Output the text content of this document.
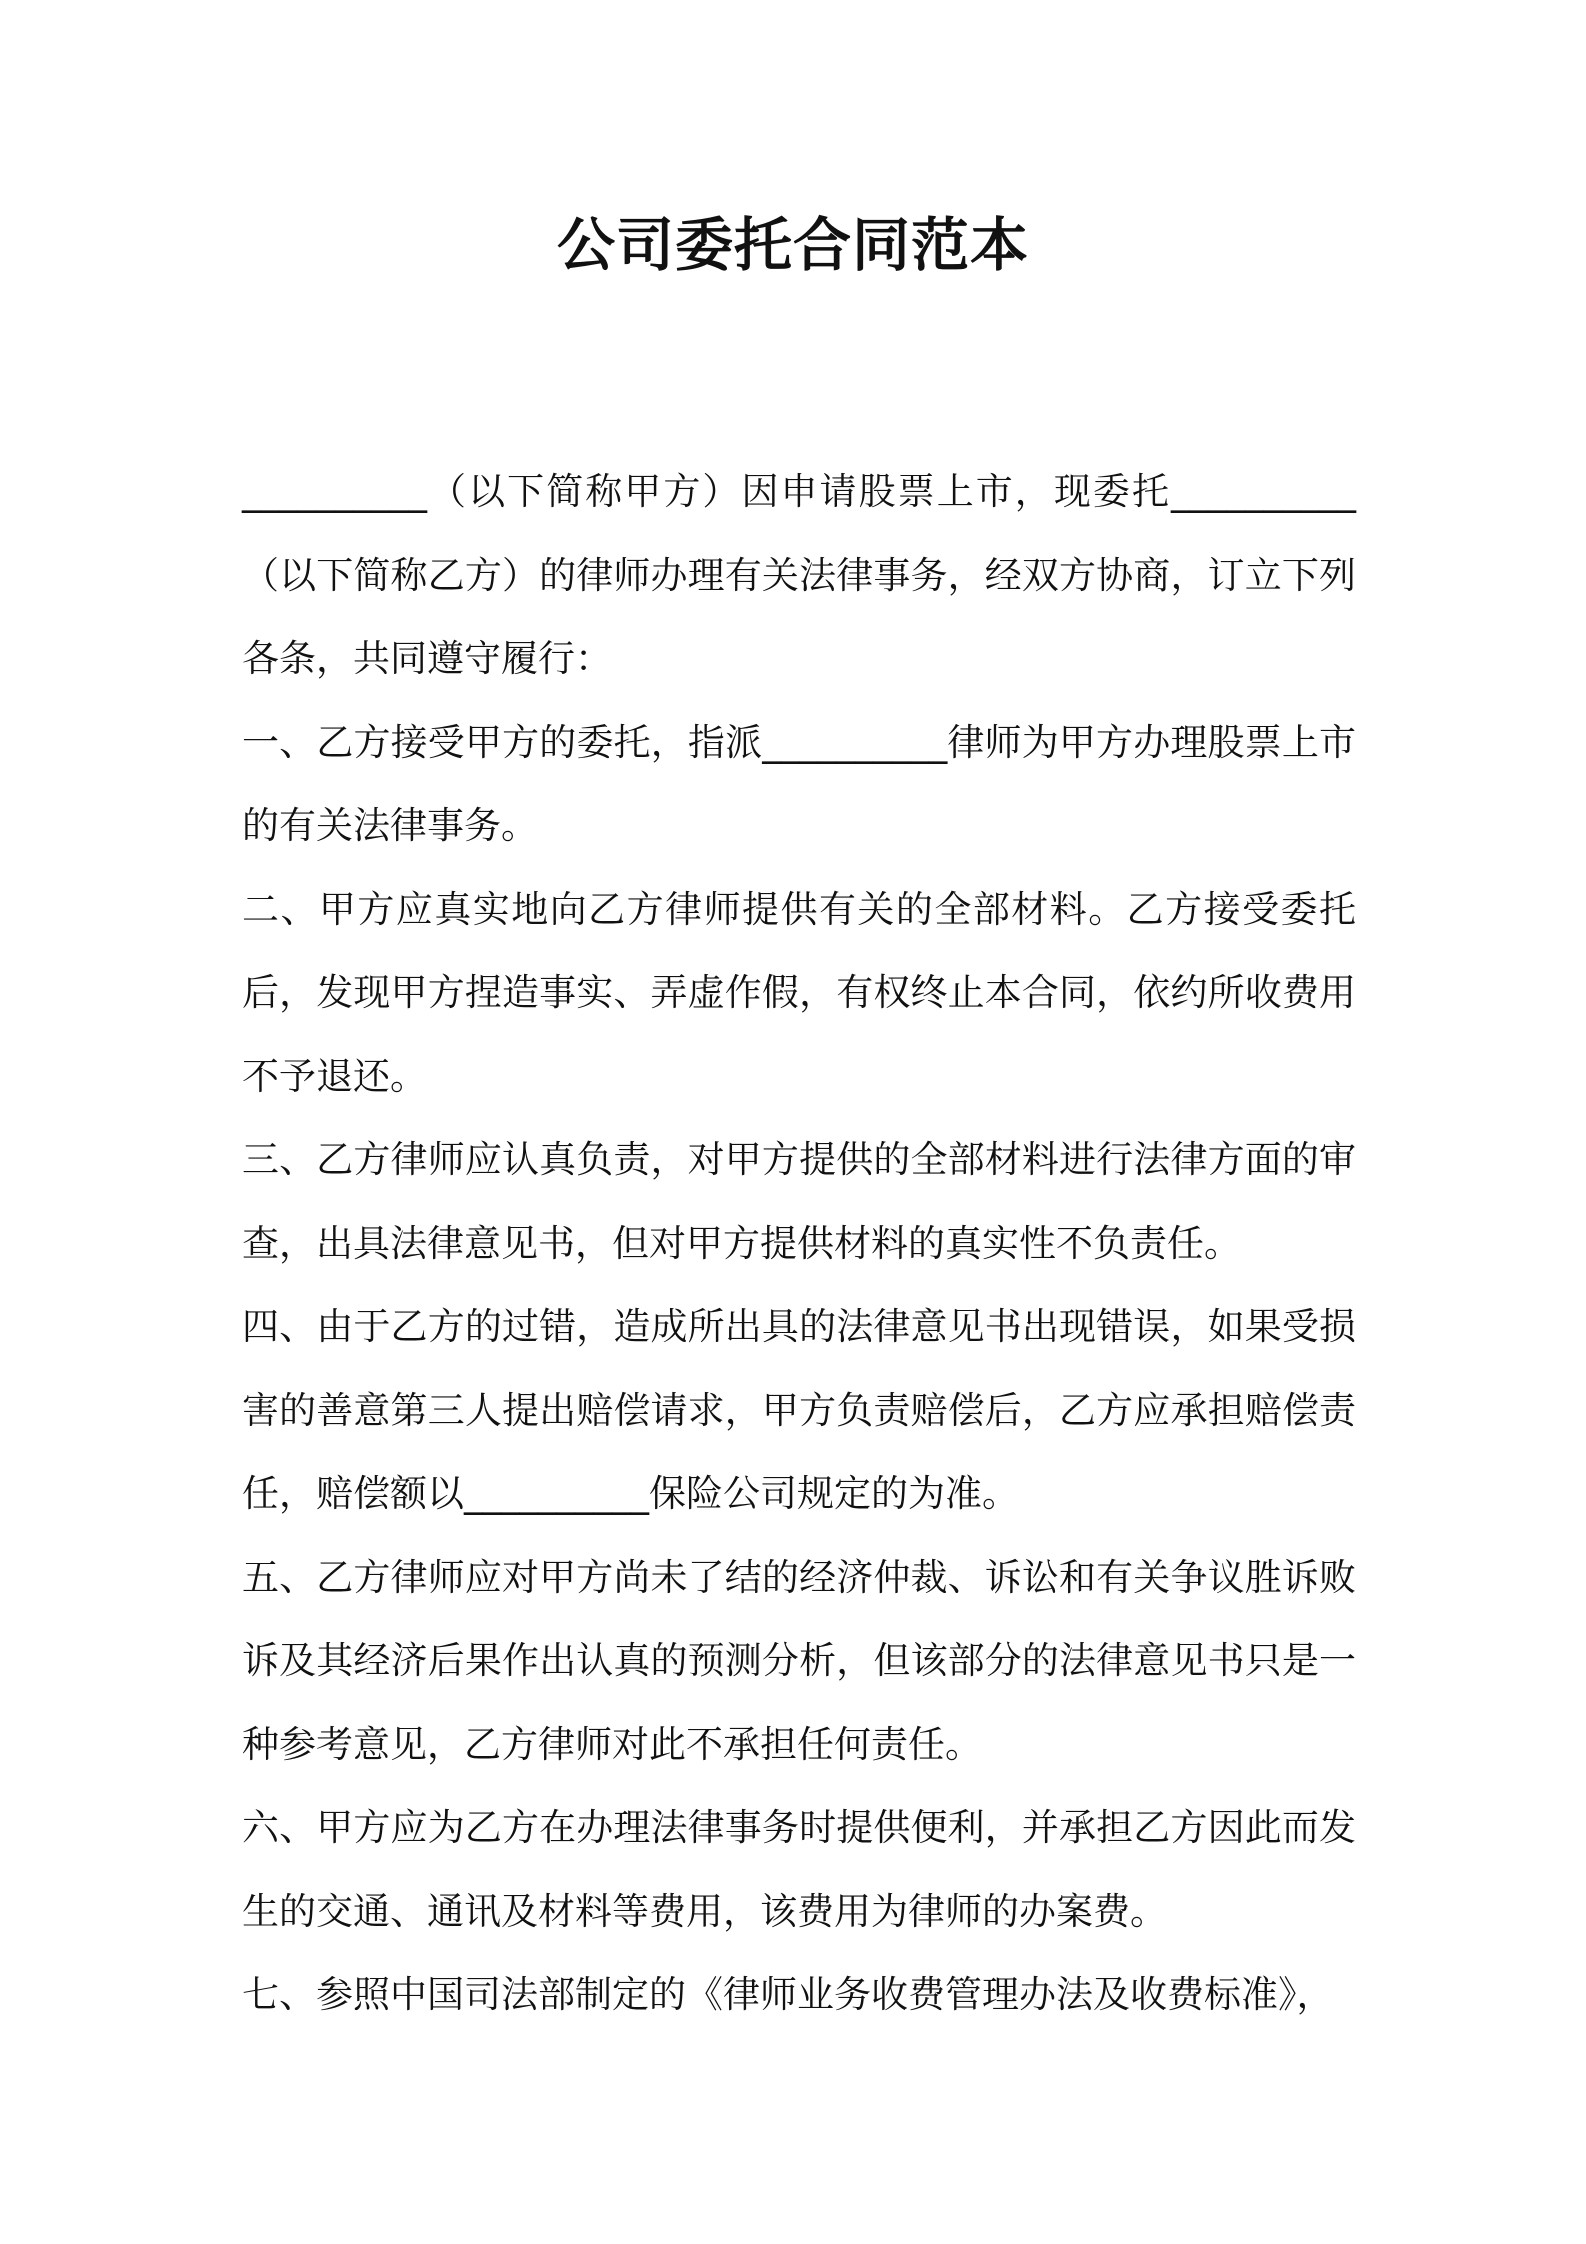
公司委托合同范本

__________（以下简称甲方）因申请股票上市，现委托__________（以下简称乙方）的律师办理有关法律事务，经双方协商，订立下列各条，共同遵守履行：

一、乙方接受甲方的委托，指派__________律师为甲方办理股票上市的有关法律事务。

二、甲方应真实地向乙方律师提供有关的全部材料。乙方接受委托后，发现甲方捏造事实、弄虚作假，有权终止本合同，依约所收费用不予退还。

三、乙方律师应认真负责，对甲方提供的全部材料进行法律方面的审查，出具法律意见书，但对甲方提供材料的真实性不负责任。

四、由于乙方的过错，造成所出具的法律意见书出现错误，如果受损害的善意第三人提出赔偿请求，甲方负责赔偿后，乙方应承担赔偿责任，赔偿额以__________保险公司规定的为准。

五、乙方律师应对甲方尚未了结的经济仲裁、诉讼和有关争议胜诉败诉及其经济后果作出认真的预测分析，但该部分的法律意见书只是一种参考意见，乙方律师对此不承担任何责任。

六、甲方应为乙方在办理法律事务时提供便利，并承担乙方因此而发生的交通、通讯及材料等费用，该费用为律师的办案费。

七、参照中国司法部制定的《律师业务收费管理办法及收费标准》，
